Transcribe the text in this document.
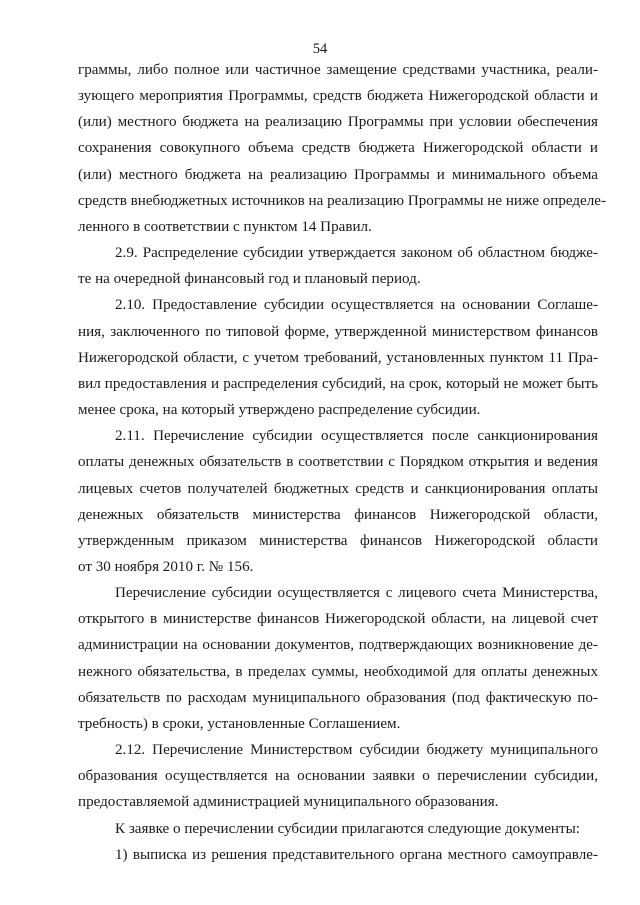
54
граммы, либо полное или частичное замещение средствами участника, реали-
зующего мероприятия Программы, средств бюджета Нижегородской области и
(или) местного бюджета на реализацию Программы при условии обеспечения
сохранения совокупного объема средств бюджета Нижегородской области и
(или) местного бюджета на реализацию Программы и минимального объема
средств внебюджетных источников на реализацию Программы не ниже определе-
ленного в соответствии с пунктом 14 Правил.
2.9. Распределение субсидии утверждается законом об областном бюдже-
те на очередной финансовый год и плановый период.
2.10. Предоставление субсидии осуществляется на основании Соглаше-
ния, заключенного по типовой форме, утвержденной министерством финансов
Нижегородской области, с учетом требований, установленных пунктом 11 Пра-
вил предоставления и распределения субсидий, на срок, который не может быть
менее срока, на который утверждено распределение субсидии.
2.11. Перечисление субсидии осуществляется после санкционирования
оплаты денежных обязательств в соответствии с Порядком открытия и ведения
лицевых счетов получателей бюджетных средств и санкционирования оплаты
денежных обязательств министерства финансов Нижегородской области,
утвержденным приказом министерства финансов Нижегородской области
от 30 ноября 2010 г. № 156.
Перечисление субсидии осуществляется с лицевого счета Министерства,
открытого в министерстве финансов Нижегородской области, на лицевой счет
администрации на основании документов, подтверждающих возникновение де-
нежного обязательства, в пределах суммы, необходимой для оплаты денежных
обязательств по расходам муниципального образования (под фактическую по-
требность) в сроки, установленные Соглашением.
2.12. Перечисление Министерством субсидии бюджету муниципального
образования осуществляется на основании заявки о перечислении субсидии,
предоставляемой администрацией муниципального образования.
К заявке о перечислении субсидии прилагаются следующие документы:
1) выписка из решения представительного органа местного самоуправле-
